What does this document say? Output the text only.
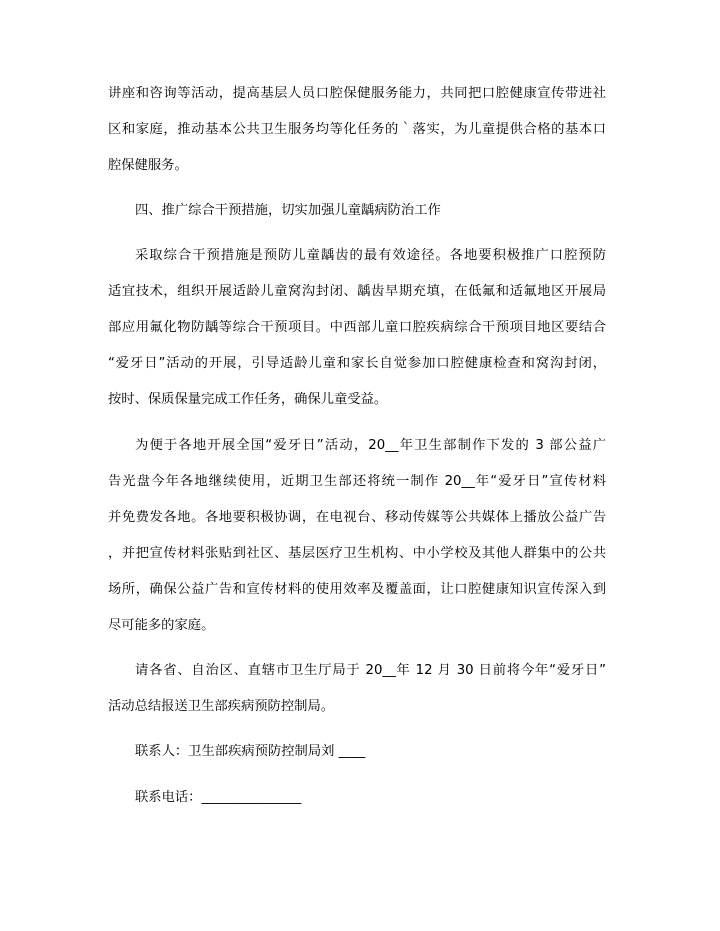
讲座和咨询等活动，提高基层人员口腔保健服务能力，共同把口腔健康宣传带进社
区和家庭，推动基本公共卫生服务均等化任务的｀落实，为儿童提供合格的基本口
腔保健服务。
四、推广综合干预措施，切实加强儿童龋病防治工作
采取综合干预措施是预防儿童龋齿的最有效途径。各地要积极推广口腔预防
适宜技术，组织开展适龄儿童窝沟封闭、龋齿早期充填，在低氟和适氟地区开展局
部应用氟化物防龋等综合干预项目。中西部儿童口腔疾病综合干预项目地区要结合
“爱牙日”活动的开展，引导适龄儿童和家长自觉参加口腔健康检查和窝沟封闭，
按时、保质保量完成工作任务，确保儿童受益。
为便于各地开展全国“爱牙日”活动，20__年卫生部制作下发的 3 部公益广
告光盘今年各地继续使用，近期卫生部还将统一制作 20__年“爱牙日”宣传材料
并免费发各地。各地要积极协调，在电视台、移动传媒等公共媒体上播放公益广告
，并把宣传材料张贴到社区、基层医疗卫生机构、中小学校及其他人群集中的公共
场所，确保公益广告和宣传材料的使用效率及覆盖面，让口腔健康知识宣传深入到
尽可能多的家庭。
请各省、自治区、直辖市卫生厅局于 20__年 12 月 30 日前将今年“爱牙日”
活动总结报送卫生部疾病预防控制局。
联系人：卫生部疾病预防控制局刘 ____
联系电话：_______________
